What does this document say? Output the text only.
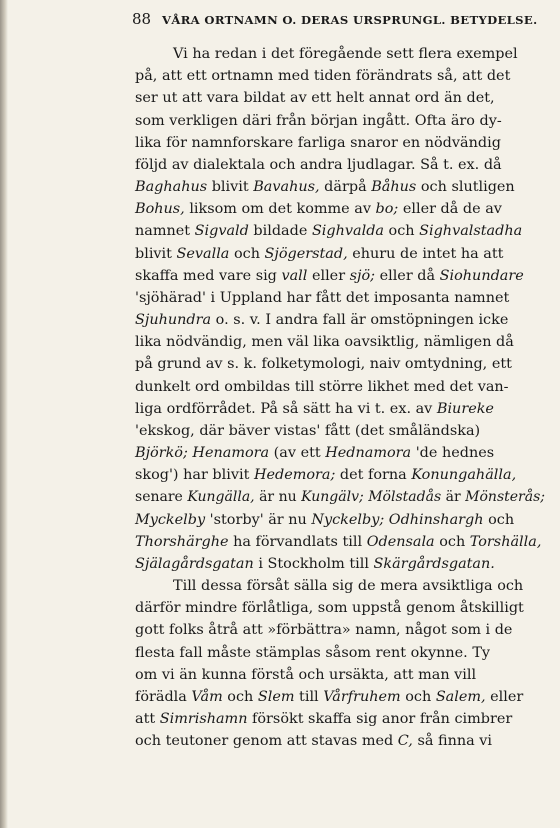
88 VÅRA ORTNAMN O. DERAS URSPRUNGL. BETYDELSE.
Vi ha redan i det föregående sett flera exempel
på, att ett ortnamn med tiden förändrats så, att det
ser ut att vara bildat av ett helt annat ord än det,
som verkligen däri från början ingått. Ofta äro dy-
lika för namnforskare farliga snaror en nödvändig
följd av dialektala och andra ljudlagar. Så t. ex. då
Baghahus blivit Bavahus, därpå Båhus och slutligen
Bohus, liksom om det komme av bo; eller då de av
namnet Sigvald bildade Sighvalda och Sighvalstadha
blivit Sevalla och Sjögerstad, ehuru de intet ha att
skaffa med vare sig vall eller sjö; eller då Siohundare
'sjöhärad' i Uppland har fått det imposanta namnet
Sjuhundra o. s. v. I andra fall är omstöpningen icke
lika nödvändig, men väl lika oavsiktlig, nämligen då
på grund av s. k. folketymologi, naiv omtydning, ett
dunkelt ord ombildas till större likhet med det van-
liga ordförrådet. På så sätt ha vi t. ex. av Biureke
'ekskog, där bäver vistas' fått (det småländska)
Björkö; Henamora (av ett Hednamora 'de hednes
skog') har blivit Hedemora; det forna Konungahälla,
senare Kungälla, är nu Kungälv; Mölstadås är Mönsterås;
Myckelby 'storby' är nu Nyckelby; Odhinshargh och
Thorshärghe ha förvandlats till Odensala och Torshälla,
Själagårdsgatan i Stockholm till Skärgårdsgatan.
Till dessa försåt sälla sig de mera avsiktliga och
därför mindre förlåtliga, som uppstå genom åtskilligt
gott folks åtrå att »förbättra» namn, något som i de
flesta fall måste stämplas såsom rent okynne. Ty
om vi än kunna förstå och ursäkta, att man vill
förädla Våm och Slem till Vårfruhem och Salem, eller
att Simrishamn försökt skaffa sig anor från cimbrer
och teutoner genom att stavas med C, så finna vi
